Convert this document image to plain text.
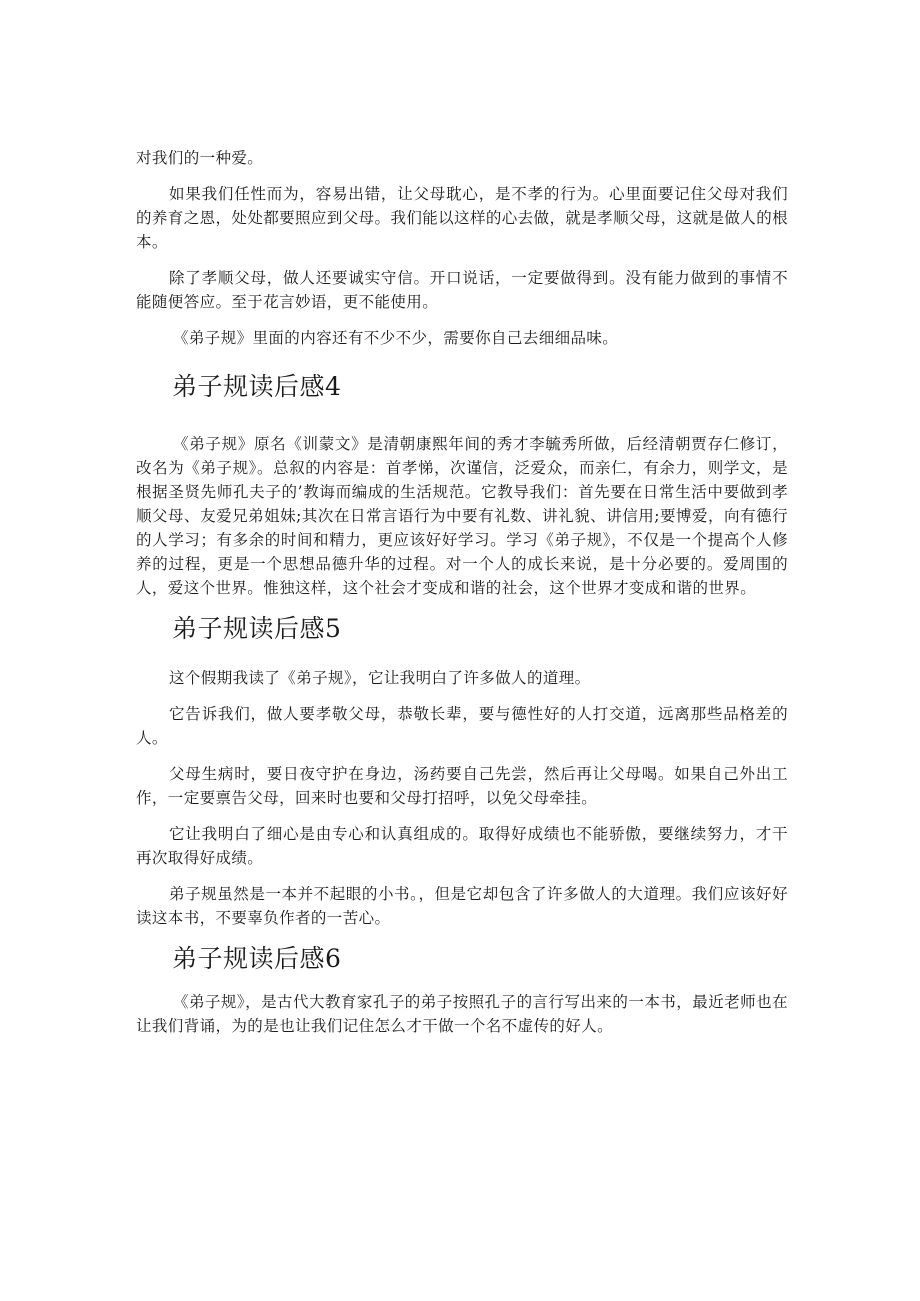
对我们的一种爱。

如果我们任性而为，容易出错，让父母耽心，是不孝的行为。心里面要记住父母对我们的养育之恩，处处都要照应到父母。我们能以这样的心去做，就是孝顺父母，这就是做人的根本。

除了孝顺父母，做人还要诚实守信。开口说话，一定要做得到。没有能力做到的事情不能随便答应。至于花言妙语，更不能使用。

《弟子规》里面的内容还有不少不少，需要你自己去细细品味。

弟子规读后感4

《弟子规》原名《训蒙文》是清朝康熙年间的秀才李毓秀所做，后经清朝贾存仁修订，改名为《弟子规》。总叙的内容是：首孝悌，次谨信，泛爱众，而亲仁，有余力，则学文，是根据圣贤先师孔夫子的’教诲而编成的生活规范。它教导我们：首先要在日常生活中要做到孝顺父母、友爱兄弟姐妹;其次在日常言语行为中要有礼数、讲礼貌、讲信用;要博爱，向有德行的人学习；有多余的时间和精力，更应该好好学习。学习《弟子规》，不仅是一个提高个人修养的过程，更是一个思想品德升华的过程。对一个人的成长来说，是十分必要的。爱周围的人，爱这个世界。惟独这样，这个社会才变成和谐的社会，这个世界才变成和谐的世界。

弟子规读后感5

这个假期我读了《弟子规》，它让我明白了许多做人的道理。

它告诉我们，做人要孝敬父母，恭敬长辈，要与德性好的人打交道，远离那些品格差的人。

父母生病时，要日夜守护在身边，汤药要自己先尝，然后再让父母喝。如果自己外出工作，一定要禀告父母，回来时也要和父母打招呼，以免父母牵挂。

它让我明白了细心是由专心和认真组成的。取得好成绩也不能骄傲，要继续努力，才干再次取得好成绩。

弟子规虽然是一本并不起眼的小书。，但是它却包含了许多做人的大道理。我们应该好好读这本书，不要辜负作者的一苦心。

弟子规读后感6

《弟子规》，是古代大教育家孔子的弟子按照孔子的言行写出来的一本书，最近老师也在让我们背诵，为的是也让我们记住怎么才干做一个名不虚传的好人。
